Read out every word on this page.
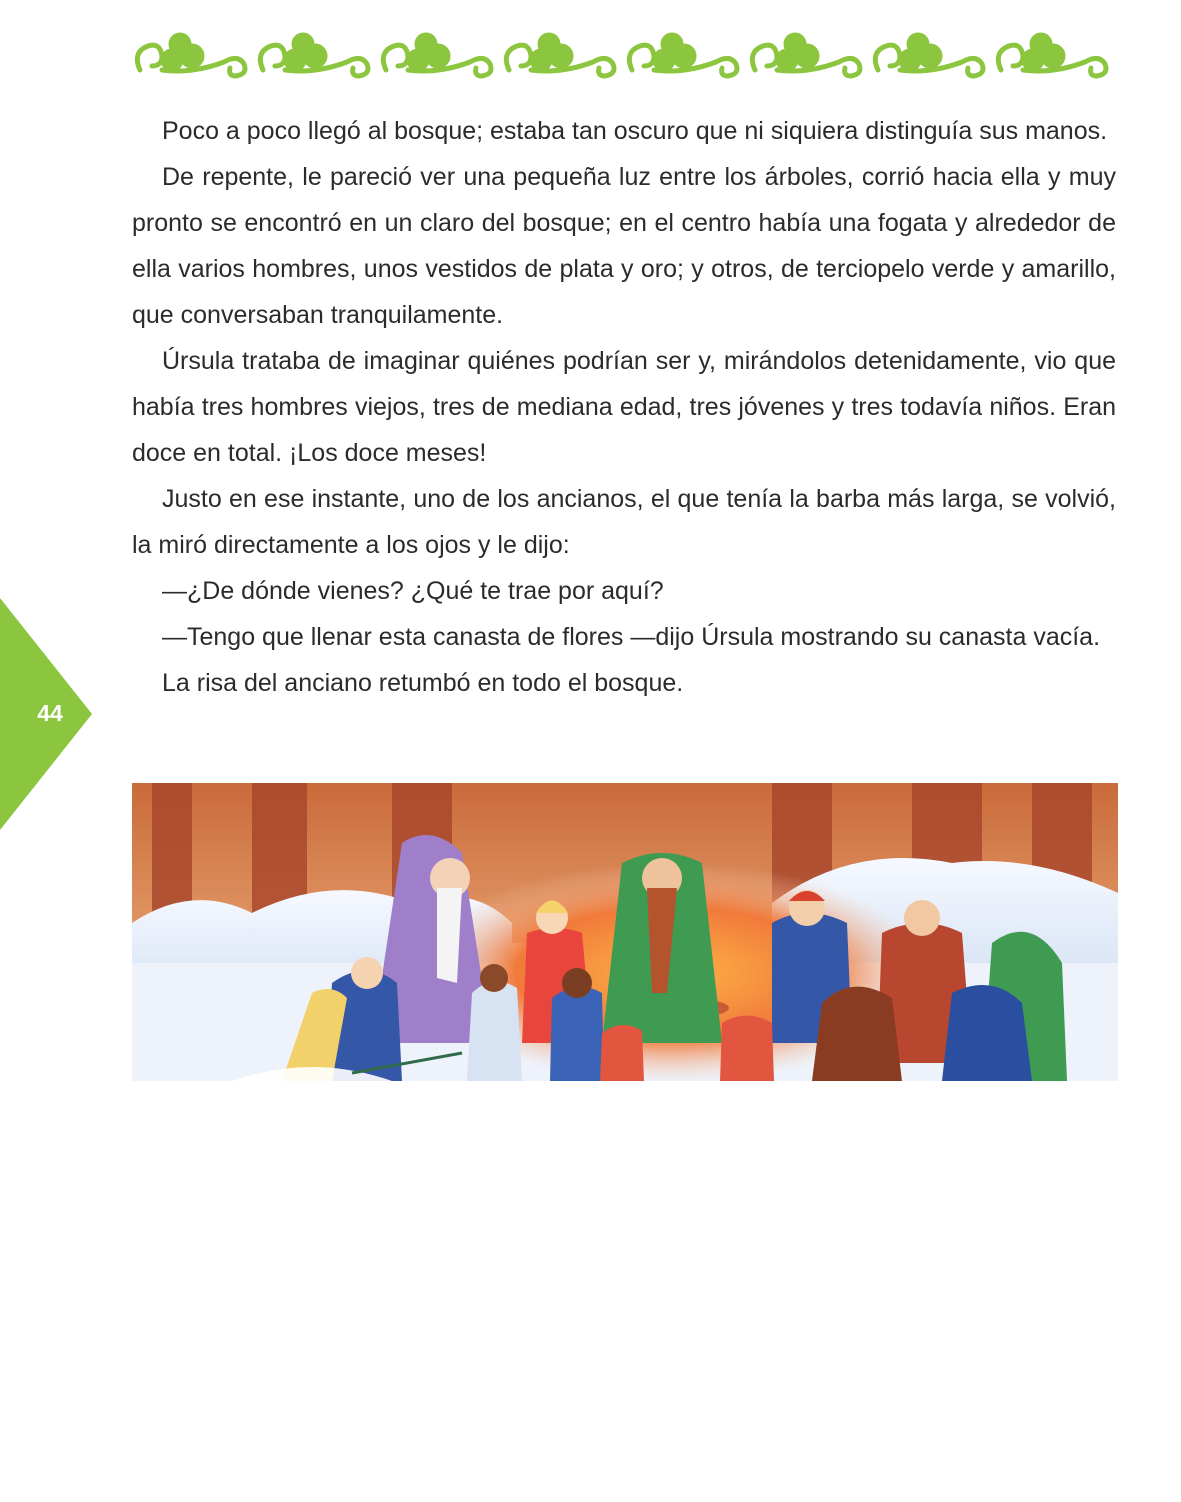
Poco a poco llegó al bosque; estaba tan oscuro que ni siquiera distinguía sus manos.

De repente, le pareció ver una pequeña luz entre los árboles, corrió hacia ella y muy pronto se encontró en un claro del bosque; en el centro había una fogata y alrededor de ella varios hombres, unos vestidos de plata y oro; y otros, de terciopelo verde y amarillo, que conversaban tranquilamente.

Úrsula trataba de imaginar quiénes podrían ser y, mirándolos detenidamente, vio que había tres hombres viejos, tres de mediana edad, tres jóvenes y tres todavía niños. Eran doce en total. ¡Los doce meses!

Justo en ese instante, uno de los ancianos, el que tenía la barba más larga, se volvió, la miró directamente a los ojos y le dijo:

—¿De dónde vienes? ¿Qué te trae por aquí?

—Tengo que llenar esta canasta de flores —dijo Úrsula mostrando su canasta vacía.

La risa del anciano retumbó en todo el bosque.

44
